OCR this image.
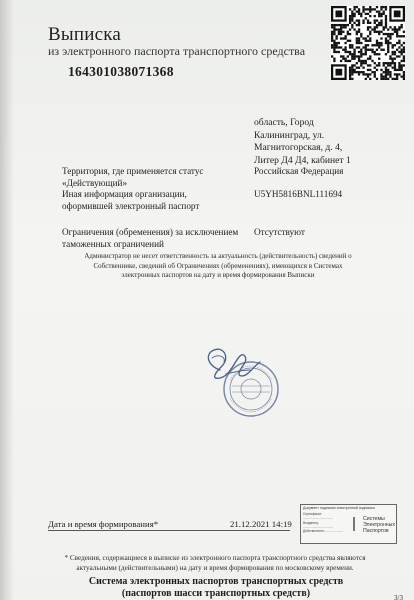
Выписка
из электронного паспорта транспортного средства
164301038071368
область, Город
Калининград, ул.
Магнитогорская, д. 4,
Литер Д4 Д4, кабинет 1
Территория, где применяется статус
«Действующий»
Российская Федерация
Иная информация организации,
оформившей электронный паспорт
U5YH5816BNL111694
Ограничения (обременения) за исключением
таможенных ограничений
Отсутствуют
Администратор не несет ответственность за актуальность (действительность) сведений о
Собственнике, сведений об Ограничениях (обременениях), имеющихся в Системах
электронных паспортов на дату и время формирования Выписки
Дата и время формирования*	21.12.2021 14:19
Документ подписан электронной подписью
Сертификат:
..................................
Владелец:
..................................
Действителен: ....................
Системы
Электронных
Паспортов
* Сведения, содержащиеся в выписке из электронного паспорта транспортного средства являются
актуальными (действительными) на дату и время формирования по московскому времени.
Система электронных паспортов транспортных средств
(паспортов шасси транспортных средств)	3/3
